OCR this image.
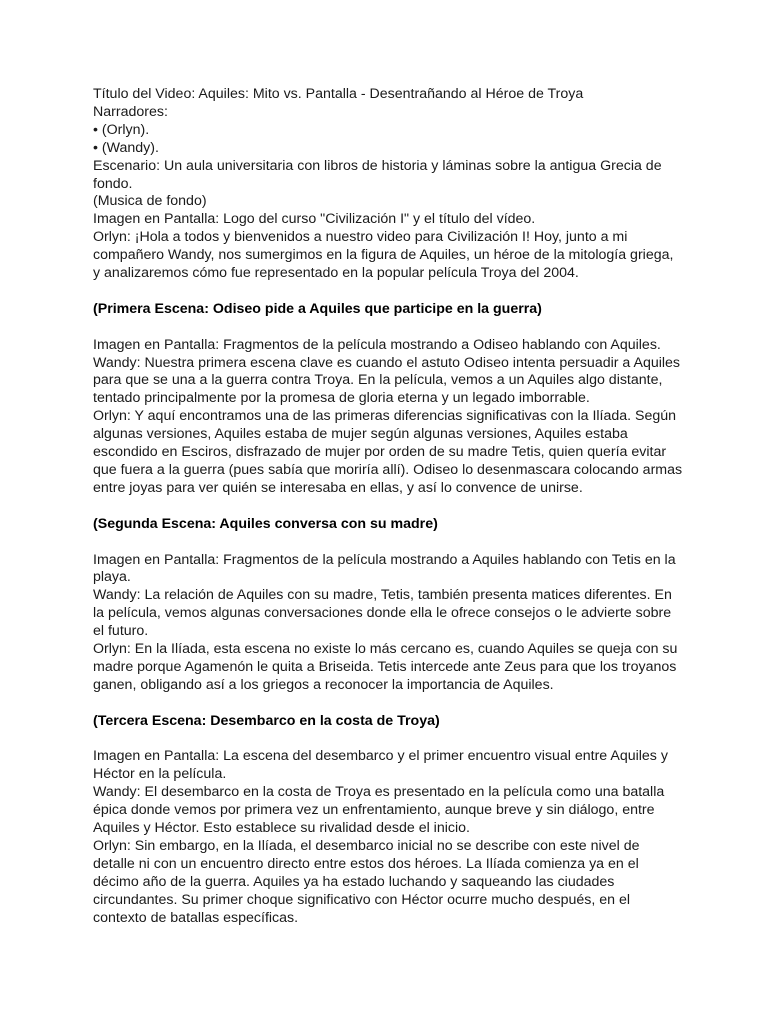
Título del Video: Aquiles: Mito vs. Pantalla - Desentrañando al Héroe de Troya

Narradores:

• (Orlyn).

• (Wandy).

Escenario: Un aula universitaria con libros de historia y láminas sobre la antigua Grecia de fondo.

(Musica de fondo)

Imagen en Pantalla: Logo del curso "Civilización I" y el título del vídeo.

Orlyn: ¡Hola a todos y bienvenidos a nuestro video para Civilización I! Hoy, junto a mi compañero Wandy, nos sumergimos en la figura de Aquiles, un héroe de la mitología griega, y analizaremos cómo fue representado en la popular película Troya del 2004.

(Primera Escena: Odiseo pide a Aquiles que participe en la guerra)

Imagen en Pantalla: Fragmentos de la película mostrando a Odiseo hablando con Aquiles.

Wandy: Nuestra primera escena clave es cuando el astuto Odiseo intenta persuadir a Aquiles para que se una a la guerra contra Troya. En la película, vemos a un Aquiles algo distante, tentado principalmente por la promesa de gloria eterna y un legado imborrable.

Orlyn: Y aquí encontramos una de las primeras diferencias significativas con la Ilíada. Según algunas versiones, Aquiles estaba de mujer según algunas versiones, Aquiles estaba escondido en Esciros, disfrazado de mujer por orden de su madre Tetis, quien quería evitar que fuera a la guerra (pues sabía que moriría allí). Odiseo lo desenmascara colocando armas entre joyas para ver quién se interesaba en ellas, y así lo convence de unirse.

(Segunda Escena: Aquiles conversa con su madre)

Imagen en Pantalla: Fragmentos de la película mostrando a Aquiles hablando con Tetis en la playa.

Wandy: La relación de Aquiles con su madre, Tetis, también presenta matices diferentes. En la película, vemos algunas conversaciones donde ella le ofrece consejos o le advierte sobre el futuro.

Orlyn: En la Ilíada, esta escena no existe lo más cercano es, cuando Aquiles se queja con su madre porque Agamenón le quita a Briseida. Tetis intercede ante Zeus para que los troyanos ganen, obligando así a los griegos a reconocer la importancia de Aquiles.

(Tercera Escena: Desembarco en la costa de Troya)

Imagen en Pantalla: La escena del desembarco y el primer encuentro visual entre Aquiles y Héctor en la película.

Wandy: El desembarco en la costa de Troya es presentado en la película como una batalla épica donde vemos por primera vez un enfrentamiento, aunque breve y sin diálogo, entre Aquiles y Héctor. Esto establece su rivalidad desde el inicio.

Orlyn: Sin embargo, en la Ilíada, el desembarco inicial no se describe con este nivel de detalle ni con un encuentro directo entre estos dos héroes. La Ilíada comienza ya en el décimo año de la guerra. Aquiles ya ha estado luchando y saqueando las ciudades circundantes. Su primer choque significativo con Héctor ocurre mucho después, en el contexto de batallas específicas.
